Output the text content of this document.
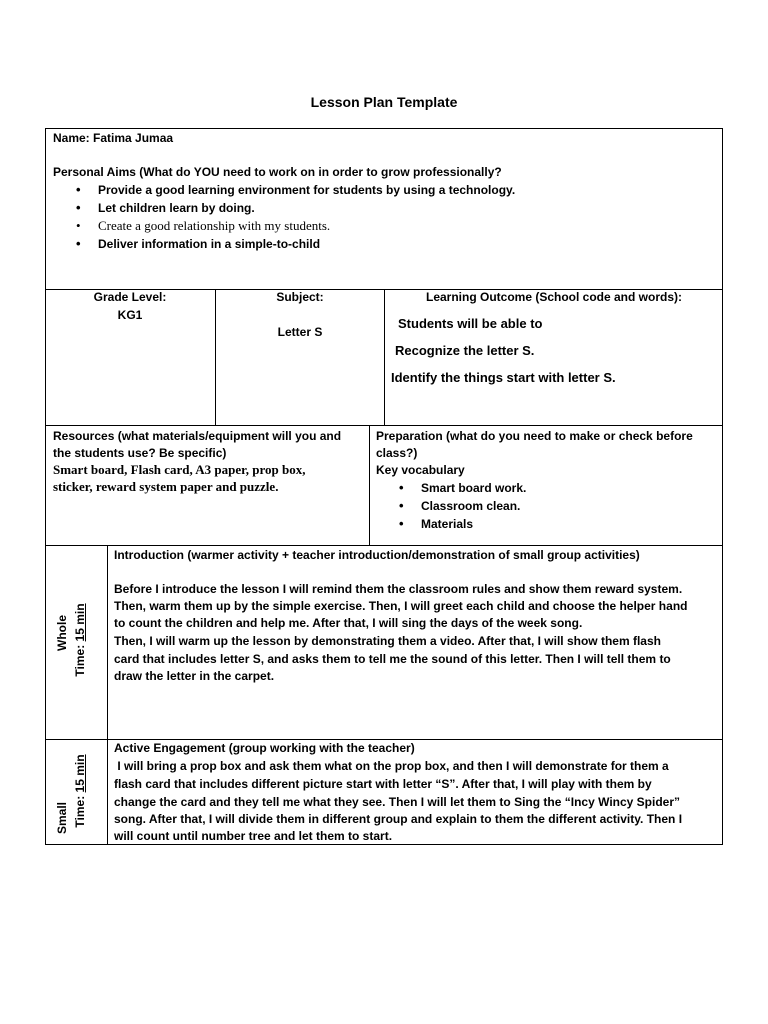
Lesson Plan Template
Name: Fatima Jumaa
Personal Aims (What do YOU need to work on in order to grow professionally?
• Provide a good learning environment for students by using a technology.
• Let children learn by doing.
• Create a good relationship with my students.
• Deliver information in a simple-to-child
Grade Level:
KG1
Subject:
Letter S
Learning Outcome (School code and words):
Students will be able to
Recognize the letter S.
Identify the things start with letter S.
Resources (what materials/equipment will you and
the students use? Be specific)
Smart board, Flash card, A3 paper, prop box,
sticker, reward system paper and puzzle.
Preparation (what do you need to make or check before
class?)
Key vocabulary
• Smart board work.
• Classroom clean.
• Materials
Whole
Time: 15 min
Introduction (warmer activity + teacher introduction/demonstration of small group activities)
Before I introduce the lesson I will remind them the classroom rules and show them reward system.
Then, warm them up by the simple exercise. Then, I will greet each child and choose the helper hand
to count the children and help me. After that, I will sing the days of the week song.
Then, I will warm up the lesson by demonstrating them a video. After that, I will show them flash
card that includes letter S, and asks them to tell me the sound of this letter. Then I will tell them to
draw the letter in the carpet.
Small Time: 15 min
Active Engagement (group working with the teacher)
I will bring a prop box and ask them what on the prop box, and then I will demonstrate for them a
flash card that includes different picture start with letter “S”. After that, I will play with them by
change the card and they tell me what they see. Then I will let them to Sing the “Incy Wincy Spider”
song. After that, I will divide them in different group and explain to them the different activity. Then I
will count until number tree and let them to start.
